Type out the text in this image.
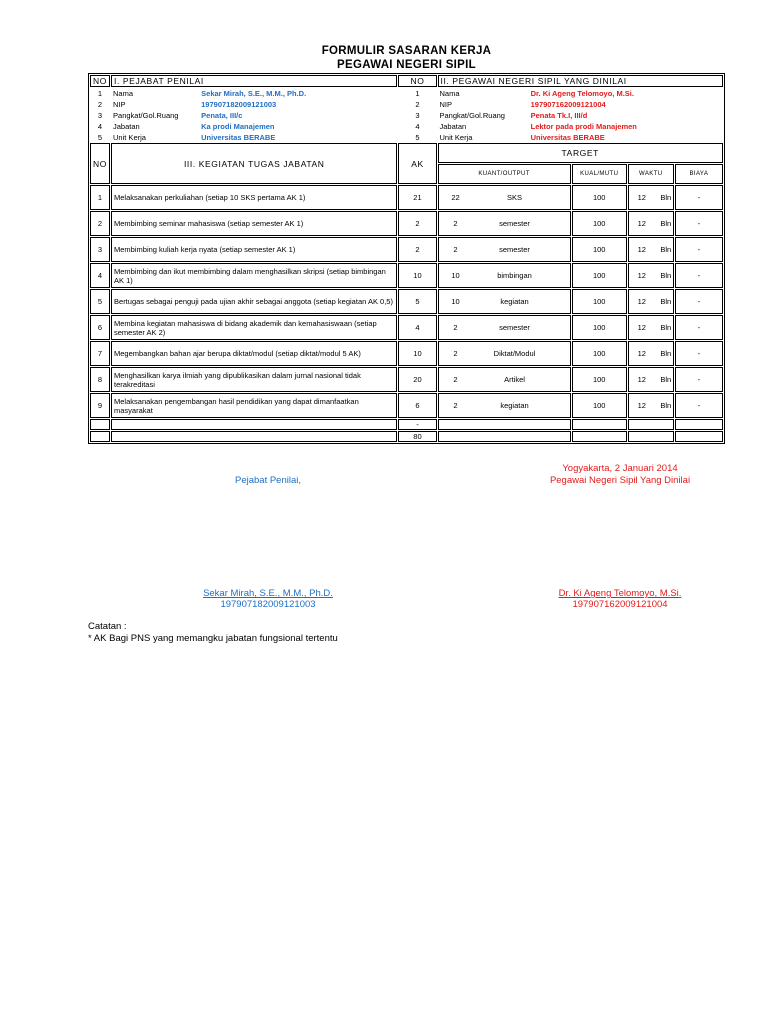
FORMULIR SASARAN KERJA
PEGAWAI NEGERI SIPIL
NO	I. PEJABAT PENILAI		NO	II. PEGAWAI NEGERI SIPIL YANG DINILAI				
1	Nama	Sekar Mirah, S.E., M.M., Ph.D.	1	Nama	Dr. Ki Ageng Telomoyo, M.Si.			
2	NIP	197907182009121003	2	NIP	197907162009121004			
3	Pangkat/Gol.Ruang	Penata, III/c	3	Pangkat/Gol.Ruang	Penata Tk.I, III/d			
4	Jabatan	Ka prodi Manajemen	4	Jabatan	Lektor pada prodi Manajemen			
5	Unit Kerja	Universitas BERABE	5	Unit Kerja	Universitas BERABE			
NO	III. KEGIATAN TUGAS JABATAN		AK	TARGET				
				KUANT/OUTPUT		KUAL/MUTU	WAKTU	BIAYA
1	Melaksanakan perkuliahan (setiap 10 SKS pertama AK 1)		21	22 SKS		100	12 Bln	-
2	Membimbing seminar mahasiswa (setiap semester AK 1)		2	2 semester		100	12 Bln	-
3	Membimbing kuliah kerja nyata (setiap semester AK 1)		2	2 semester		100	12 Bln	-
4	Membimbing dan ikut membimbing dalam menghasilkan skripsi (setiap bimbingan AK 1)		10	10 bimbingan		100	12 Bln	-
5	Bertugas sebagai penguji pada ujian akhir sebagai anggota (setiap kegiatan AK 0,5)		5	10 kegiatan		100	12 Bln	-
6	Membina kegiatan mahasiswa di bidang akademik dan kemahasiswaan (setiap semester AK 2)		4	2 semester		100	12 Bln	-
7	Megembangkan bahan ajar berupa diktat/modul (setiap diktat/modul 5 AK)		10	2 Diktat/Modul		100	12 Bln	-
8	Menghasilkan karya ilmiah yang dipublikasikan dalam jurnal nasional tidak terakreditasi		20	2 Artikel		100	12 Bln	-
9	Melaksanakan pengembangan hasil pendidikan yang dapat dimanfaatkan masyarakat		6	2 kegiatan		100	12 Bln	-
			-					
			80					
Yogyakarta, 2 Januari 2014
Pejabat Penilai,	Pegawai Negeri Sipil Yang Dinilai
Sekar Mirah, S.E., M.M., Ph.D.
197907182009121003
Dr. Ki Ageng Telomoyo, M.Si.
197907162009121004
Catatan :
* AK Bagi PNS yang memangku jabatan fungsional tertentu
